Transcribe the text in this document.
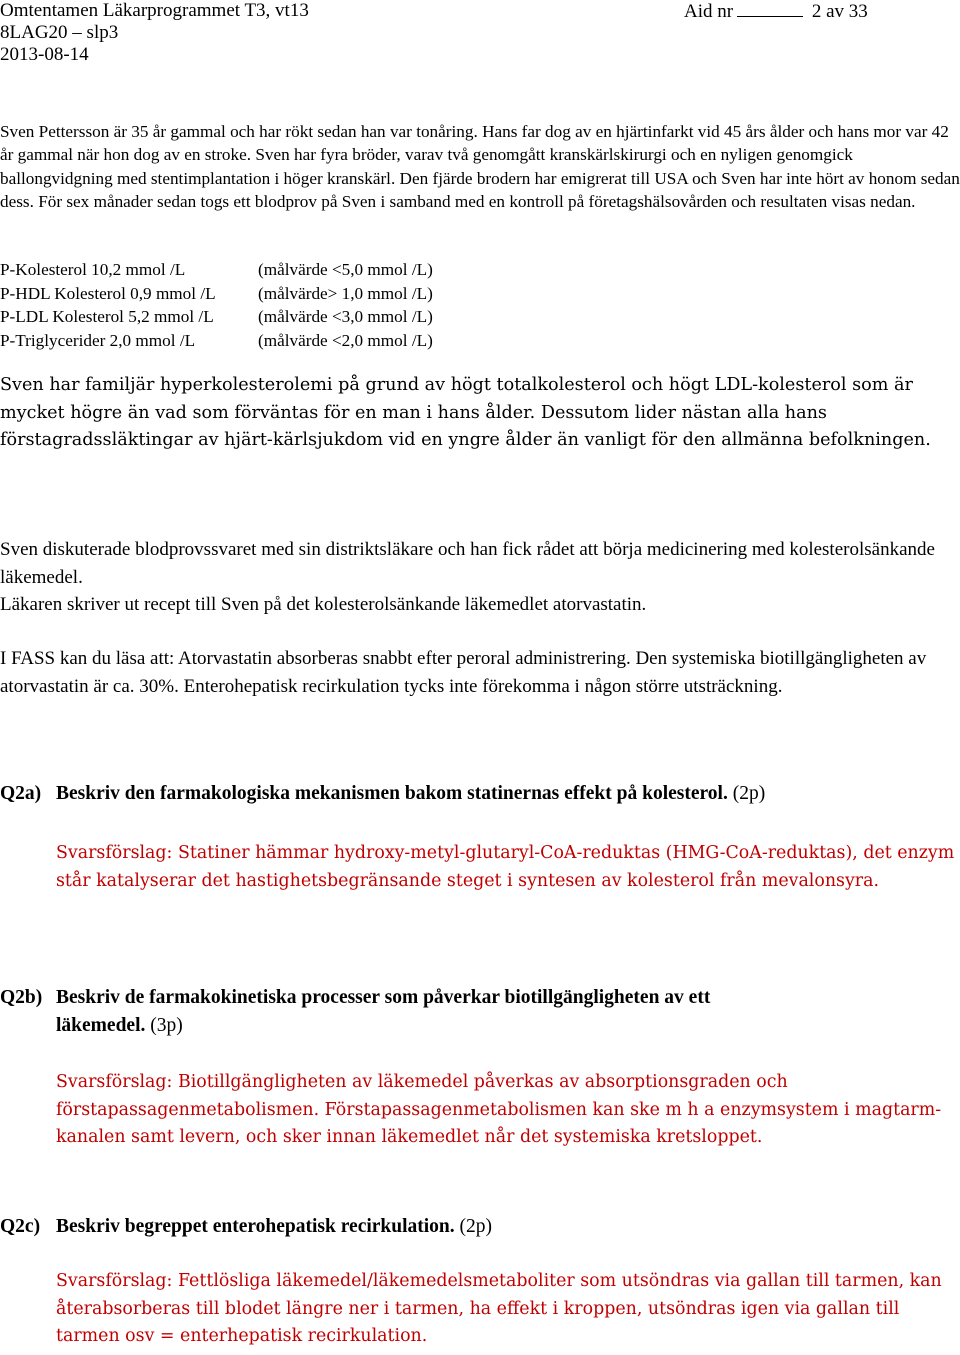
Omtentamen Läkarprogrammet T3, vt13
8LAG20 – slp3
2013-08-14
Aid nr	2 av 33
Sven Pettersson är 35 år gammal och har rökt sedan han var tonåring. Hans far dog av en hjärtinfarkt vid 45 års ålder och hans mor var 42 år gammal när hon dog av en stroke. Sven har fyra bröder, varav två genomgått kranskärlskirurgi och en nyligen genomgick ballongvidgning med stentimplantation i höger kranskärl. Den fjärde brodern har emigrerat till USA och Sven har inte hört av honom sedan dess. För sex månader sedan togs ett blodprov på Sven i samband med en kontroll på företagshälsovården och resultaten visas nedan.
P-Kolesterol 10,2 mmol /L	(målvärde <5,0 mmol /L)
P-HDL Kolesterol 0,9 mmol /L	(målvärde> 1,0 mmol /L)
P-LDL Kolesterol 5,2 mmol /L	(målvärde <3,0 mmol /L)
P-Triglycerider 2,0 mmol /L	(målvärde <2,0 mmol /L)
Sven har familjär hyperkolesterolemi på grund av högt totalkolesterol och högt LDL-kolesterol som är mycket högre än vad som förväntas för en man i hans ålder. Dessutom lider nästan alla hans förstagradssläktingar av hjärt-kärlsjukdom vid en yngre ålder än vanligt för den allmänna befolkningen.
Sven diskuterade blodprovssvaret med sin distriktsläkare och han fick rådet att börja medicinering med kolesterolsänkande läkemedel.
Läkaren skriver ut recept till Sven på det kolesterolsänkande läkemedlet atorvastatin.
I FASS kan du läsa att: Atorvastatin absorberas snabbt efter peroral administrering. Den systemiska biotillgängligheten av atorvastatin är ca. 30%. Enterohepatisk recirkulation tycks inte förekomma i någon större utsträckning.
Q2a) Beskriv den farmakologiska mekanismen bakom statinernas effekt på kolesterol. (2p)
Svarsförslag: Statiner hämmar hydroxy-metyl-glutaryl-CoA-reduktas (HMG-CoA-reduktas), det enzym står katalyserar det hastighetsbegränsande steget i syntesen av kolesterol från mevalonsyra.
Q2b) Beskriv de farmakokinetiska processer som påverkar biotillgängligheten av ett
läkemedel. (3p)
Svarsförslag: Biotillgängligheten av läkemedel påverkas av absorptionsgraden och förstapassagenmetabolismen. Förstapassagenmetabolismen kan ske m h a enzymsystem i magtarm-kanalen samt levern, och sker innan läkemedlet når det systemiska kretsloppet.
Q2c) Beskriv begreppet enterohepatisk recirkulation. (2p)
Svarsförslag: Fettlösliga läkemedel/läkemedelsmetaboliter som utsöndras via gallan till tarmen, kan återabsorberas till blodet längre ner i tarmen, ha effekt i kroppen, utsöndras igen via gallan till tarmen osv = enterhepatisk recirkulation.
